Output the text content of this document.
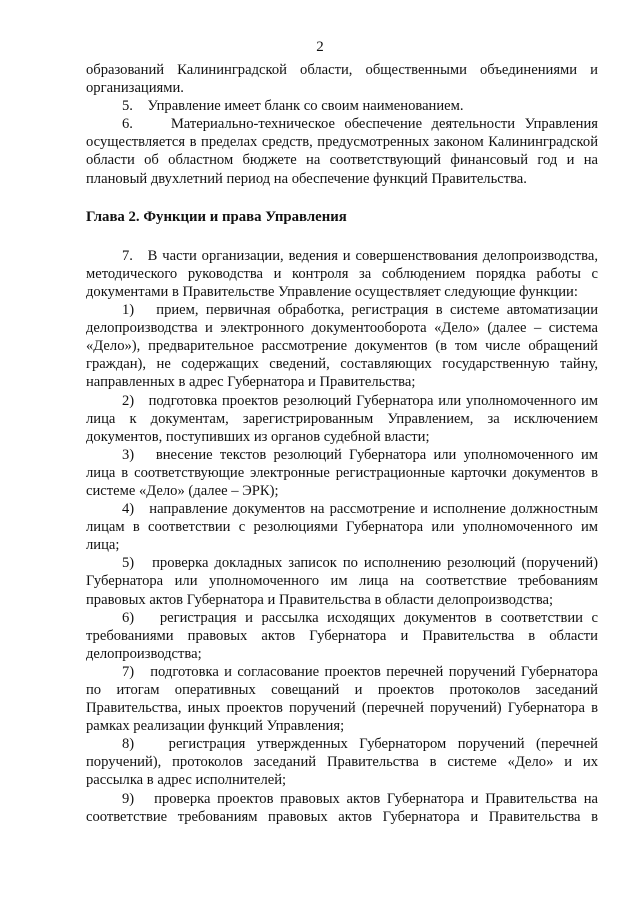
2

образований Калининградской области, общественными объединениями и организациями.

5.    Управление имеет бланк со своим наименованием.

6.    Материально-техническое обеспечение деятельности Управления осуществляется в пределах средств, предусмотренных законом Калининградской области об областном бюджете на соответствующий финансовый год и на плановый двухлетний период на обеспечение функций Правительства.

Глава 2. Функции и права Управления

7.   В части организации, ведения и совершенствования делопроизводства, методического руководства и контроля за соблюдением порядка работы с документами в Правительстве Управление осуществляет следующие функции:

1)   прием, первичная обработка, регистрация в системе автоматизации делопроизводства и электронного документооборота «Дело» (далее – система «Дело»), предварительное рассмотрение документов (в том числе обращений граждан), не содержащих сведений, составляющих государственную тайну, направленных в адрес Губернатора и Правительства;

2)   подготовка проектов резолюций Губернатора или уполномоченного им лица к документам, зарегистрированным Управлением, за исключением документов, поступивших из органов судебной власти;

3)   внесение текстов резолюций Губернатора или уполномоченного им лица в соответствующие электронные регистрационные карточки документов в системе «Дело» (далее – ЭРК);

4)   направление документов на рассмотрение и исполнение должностным лицам в соответствии с резолюциями Губернатора или уполномоченного им лица;

5)   проверка докладных записок по исполнению резолюций (поручений) Губернатора или уполномоченного им лица на соответствие требованиям правовых актов Губернатора и Правительства в области делопроизводства;

6)   регистрация и рассылка исходящих документов в соответствии с требованиями правовых актов Губернатора и Правительства в области делопроизводства;

7)   подготовка и согласование проектов перечней поручений Губернатора по итогам оперативных совещаний и проектов протоколов заседаний Правительства, иных проектов поручений (перечней поручений) Губернатора в рамках реализации функций Управления;

8)   регистрация утвержденных Губернатором поручений (перечней поручений), протоколов заседаний Правительства в системе «Дело» и их рассылка в адрес исполнителей;

9)   проверка проектов правовых актов Губернатора и Правительства на соответствие требованиям правовых актов Губернатора и Правительства в
